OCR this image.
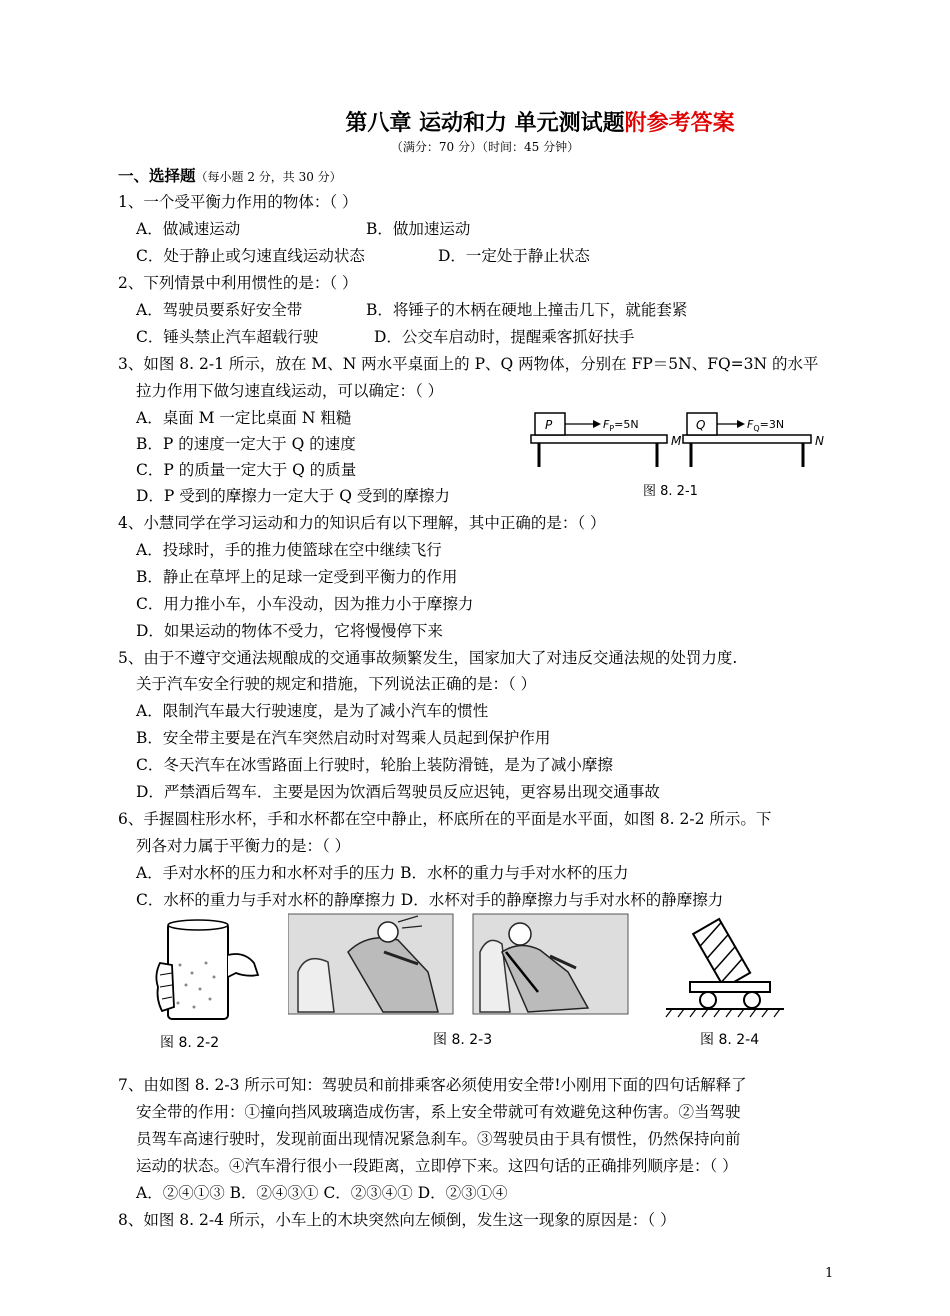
第八章 运动和力 单元测试题附参考答案
（满分：70 分）（时间：45 分钟）
一、选择题（每小题 2 分，共 30 分）
1、一个受平衡力作用的物体：（ ）
A．做减速运动	B．做加速运动
C．处于静止或匀速直线运动状态	D．一定处于静止状态
2、下列情景中利用惯性的是：（ ）
A．驾驶员要系好安全带	B．将锤子的木柄在硬地上撞击几下，就能套紧
C．锤头禁止汽车超载行驶	D．公交车启动时，提醒乘客抓好扶手
3、如图 8. 2-1 所示，放在 M、N 两水平桌面上的 P、Q 两物体，分别在 FP＝5N、FQ=3N 的水平
拉力作用下做匀速直线运动，可以确定：（ ）
A．桌面 M 一定比桌面 N 粗糙
B．P 的速度一定大于 Q 的速度
C．P 的质量一定大于 Q 的质量
D．P 受到的摩擦力一定大于 Q 受到的摩擦力
P	$F_P=5N$
M
Q	$F_Q=3N$
N
图 8. 2-1
4、小慧同学在学习运动和力的知识后有以下理解，其中正确的是：（ ）
A．投球时，手的推力使篮球在空中继续飞行
B．静止在草坪上的足球一定受到平衡力的作用
C．用力推小车，小车没动，因为推力小于摩擦力
D．如果运动的物体不受力，它将慢慢停下来
5、由于不遵守交通法规酿成的交通事故频繁发生，国家加大了对违反交通法规的处罚力度.
关于汽车安全行驶的规定和措施，下列说法正确的是：（ ）
A．限制汽车最大行驶速度，是为了减小汽车的惯性
B．安全带主要是在汽车突然启动时对驾乘人员起到保护作用
C．冬天汽车在冰雪路面上行驶时，轮胎上装防滑链，是为了减小摩擦
D．严禁酒后驾车．主要是因为饮酒后驾驶员反应迟钝，更容易出现交通事故
6、手握圆柱形水杯，手和水杯都在空中静止，杯底所在的平面是水平面，如图 8. 2-2 所示。下
列各对力属于平衡力的是：（ ）
A．手对水杯的压力和水杯对手的压力 B．水杯的重力与手对水杯的压力
C．水杯的重力与手对水杯的静摩擦力 D．水杯对手的静摩擦力与手对水杯的静摩擦力
图 8. 2-2	图 8. 2-3	图 8. 2-4
7、由如图 8. 2-3 所示可知：驾驶员和前排乘客必须使用安全带!小刚用下面的四句话解释了
安全带的作用：①撞向挡风玻璃造成伤害，系上安全带就可有效避免这种伤害。②当驾驶
员驾车高速行驶时，发现前面出现情况紧急刹车。③驾驶员由于具有惯性，仍然保持向前
运动的状态。④汽车滑行很小一段距离，立即停下来。这四句话的正确排列顺序是：（ ）
A．②④①③ B．②④③① C．②③④① D．②③①④
8、如图 8. 2-4 所示，小车上的木块突然向左倾倒，发生这一现象的原因是：（ ）
1
